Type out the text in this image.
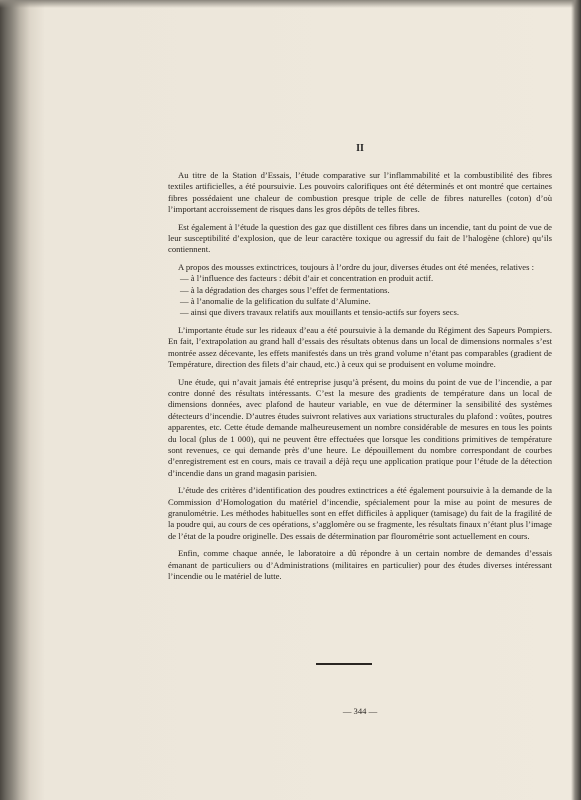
II

Au titre de la Station d’Essais, l’étude comparative sur l’inflammabilité et la combustibilité des fibres textiles artificielles, a été poursuivie. Les pouvoirs calorifiques ont été déterminés et ont montré que certaines fibres possédaient une chaleur de combustion presque triple de celle de fibres naturelles (coton) d’où l’important accroissement de risques dans les gros dépôts de telles fibres.

Est également à l’étude la question des gaz que distillent ces fibres dans un incendie, tant du point de vue de leur susceptibilité d’explosion, que de leur caractère toxique ou agressif du fait de l’halogène (chlore) qu’ils contiennent.

A propos des mousses extinctrices, toujours à l’ordre du jour, diverses études ont été menées, relatives :

— à l’influence des facteurs : débit d’air et concentration en produit actif.
— à la dégradation des charges sous l’effet de fermentations.
— à l’anomalie de la gelification du sulfate d’Alumine.
— ainsi que divers travaux relatifs aux mouillants et tensio-actifs sur foyers secs.

L’importante étude sur les rideaux d’eau a été poursuivie à la demande du Régiment des Sapeurs Pompiers. En fait, l’extrapolation au grand hall d’essais des résultats obtenus dans un local de dimensions normales s’est montrée assez décevante, les effets manifestés dans un très grand volume n’étant pas comparables (gradient de Température, direction des filets d’air chaud, etc.) à ceux qui se produisent en volume moindre.

Une étude, qui n’avait jamais été entreprise jusqu’à présent, du moins du point de vue de l’incendie, a par contre donné des résultats intéressants. C’est la mesure des gradients de température dans un local de dimensions données, avec plafond de hauteur variable, en vue de déterminer la sensibilité des systèmes détecteurs d’incendie. D’autres études suivront relatives aux variations structurales du plafond : voûtes, poutres apparentes, etc. Cette étude demande malheureusement un nombre considérable de mesures en tous les points du local (plus de 1 000), qui ne peuvent être effectuées que lorsque les conditions primitives de température sont revenues, ce qui demande près d’une heure. Le dépouillement du nombre correspondant de courbes d’enregistrement est en cours, mais ce travail a déjà reçu une application pratique pour l’étude de la détection d’incendie dans un grand magasin parisien.

L’étude des critères d’identification des poudres extinctrices a été également poursuivie à la demande de la Commission d’Homologation du matériel d’incendie, spécialement pour la mise au point de mesures de granulométrie. Les méthodes habituelles sont en effet difficiles à appliquer (tamisage) du fait de la fragilité de la poudre qui, au cours de ces opérations, s’agglomère ou se fragmente, les résultats finaux n’étant plus l’image de l’état de la poudre originelle. Des essais de détermination par flourométrie sont actuellement en cours.

Enfin, comme chaque année, le laboratoire a dû répondre à un certain nombre de demandes d’essais émanant de particuliers ou d’Administrations (militaires en particulier) pour des études diverses intéressant l’incendie ou le matériel de lutte.

— 344 —
